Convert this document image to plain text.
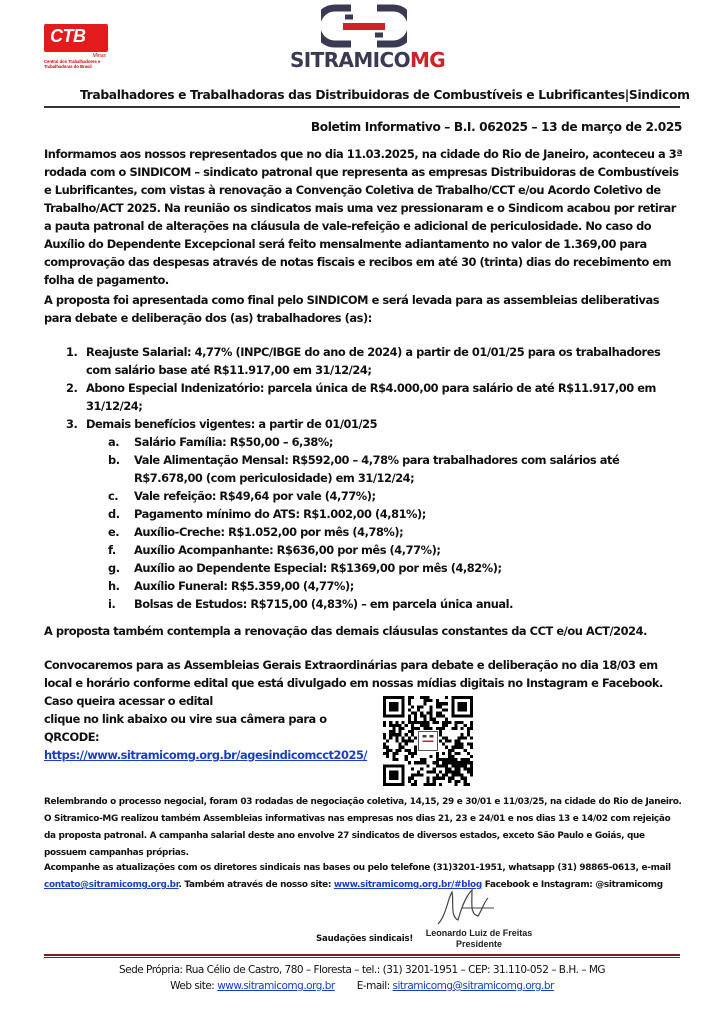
CTB
Minas
Central dos Trabalhadores e Trabalhadoras do Brasil	SITRAMICOMG
Trabalhadores e Trabalhadoras das Distribuidoras de Combustíveis e Lubrificantes|Sindicom
Boletim Informativo – B.I. 062025 – 13 de março de 2.025
Informamos aos nossos representados que no dia 11.03.2025, na cidade do Rio de Janeiro, aconteceu a 3ª rodada com o SINDICOM – sindicato patronal que representa as empresas Distribuidoras de Combustíveis e Lubrificantes, com vistas à renovação a Convenção Coletiva de Trabalho/CCT e/ou Acordo Coletivo de Trabalho/ACT 2025. Na reunião os sindicatos mais uma vez pressionaram e o Sindicom acabou por retirar a pauta patronal de alterações na cláusula de vale-refeição e adicional de periculosidade. No caso do Auxílio do Dependente Excepcional será feito mensalmente adiantamento no valor de 1.369,00 para comprovação das despesas através de notas fiscais e recibos em até 30 (trinta) dias do recebimento em folha de pagamento.
A proposta foi apresentada como final pelo SINDICOM e será levada para as assembleias deliberativas para debate e deliberação dos (as) trabalhadores (as):
1. Reajuste Salarial: 4,77% (INPC/IBGE do ano de 2024) a partir de 01/01/25 para os trabalhadores com salário base até R$11.917,00 em 31/12/24;
2. Abono Especial Indenizatório: parcela única de R$4.000,00 para salário de até R$11.917,00 em 31/12/24;
3. Demais benefícios vigentes: a partir de 01/01/25
a. Salário Família: R$50,00 – 6,38%;
b. Vale Alimentação Mensal: R$592,00 – 4,78% para trabalhadores com salários até R$7.678,00 (com periculosidade) em 31/12/24;
c. Vale refeição: R$49,64 por vale (4,77%);
d. Pagamento mínimo do ATS: R$1.002,00 (4,81%);
e. Auxílio-Creche: R$1.052,00 por mês (4,78%);
f. Auxílio Acompanhante: R$636,00 por mês (4,77%);
g. Auxílio ao Dependente Especial: R$1369,00 por mês (4,82%);
h. Auxílio Funeral: R$5.359,00 (4,77%);
i. Bolsas de Estudos: R$715,00 (4,83%) – em parcela única anual.
A proposta também contempla a renovação das demais cláusulas constantes da CCT e/ou ACT/2024.
Convocaremos para as Assembleias Gerais Extraordinárias para debate e deliberação no dia 18/03 em local e horário conforme edital que está divulgado em nossas mídias digitais no Instagram e Facebook. Caso queira acessar o edital
clique no link abaixo ou vire sua câmera para o QRCODE:
https://www.sitramicomg.org.br/agesindicomcct2025/
Relembrando o processo negocial, foram 03 rodadas de negociação coletiva, 14,15, 29 e 30/01 e 11/03/25, na cidade do Rio de Janeiro. O Sitramico-MG realizou também Assembleias informativas nas empresas nos dias 21, 23 e 24/01 e nos dias 13 e 14/02 com rejeição da proposta patronal. A campanha salarial deste ano envolve 27 sindicatos de diversos estados, exceto São Paulo e Goiás, que possuem campanhas próprias.
Acompanhe as atualizações com os diretores sindicais nas bases ou pelo telefone (31)3201-1951, whatsapp (31) 98865-0613, e-mail contato@sitramicomg.org.br. Também através de nosso site: www.sitramicomg.org.br/#blog Facebook e Instagram: @sitramicomg
Saudações sindicais!
Leonardo Luiz de Freitas
Presidente
Sede Própria: Rua Célio de Castro, 780 – Floresta – tel.: (31) 3201-1951 – CEP: 31.110-052 – B.H. – MG
Web site: www.sitramicomg.org.br E-mail: sitramicomg@sitramicomg.org.br
